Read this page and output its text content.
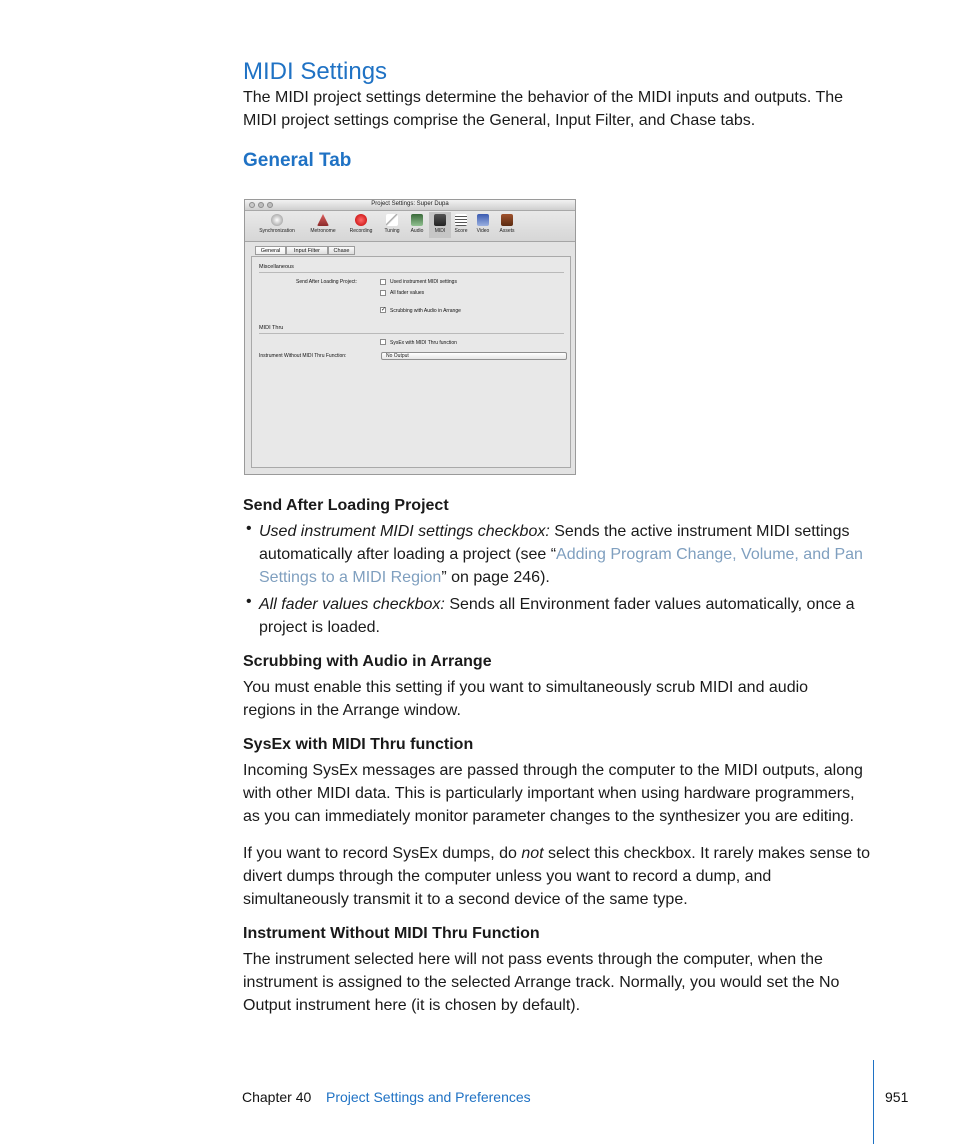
MIDI Settings

The MIDI project settings determine the behavior of the MIDI inputs and outputs. The MIDI project settings comprise the General, Input Filter, and Chase tabs.

General Tab
Project Settings: Super Dupa
Synchronization	Metronome	Recording	Tuning	Audio	MIDI	Score	Video	Assets
General	Input Filter	Chase
Miscellaneous
Send After Loading Project:	Used instrument MIDI settings
All fader values
✓ Scrubbing with Audio in Arrange
MIDI Thru
SysEx with MIDI Thru function
Instrument Without MIDI Thru Function:	No Output
Send After Loading Project
• Used instrument MIDI settings checkbox: Sends the active instrument MIDI settings
automatically after loading a project (see “Adding Program Change, Volume, and Pan
Settings to a MIDI Region” on page 246).

• All fader values checkbox: Sends all Environment fader values automatically, once a
project is loaded.

Scrubbing with Audio in Arrange

You must enable this setting if you want to simultaneously scrub MIDI and audio regions in the Arrange window.

SysEx with MIDI Thru function

Incoming SysEx messages are passed through the computer to the MIDI outputs, along with other MIDI data. This is particularly important when using hardware programmers, as you can immediately monitor parameter changes to the synthesizer you are editing.

If you want to record SysEx dumps, do not select this checkbox. It rarely makes sense to divert dumps through the computer unless you want to record a dump, and simultaneously transmit it to a second device of the same type.

Instrument Without MIDI Thru Function

The instrument selected here will not pass events through the computer, when the instrument is assigned to the selected Arrange track. Normally, you would set the No Output instrument here (it is chosen by default).

Chapter 40 Project Settings and Preferences	951
